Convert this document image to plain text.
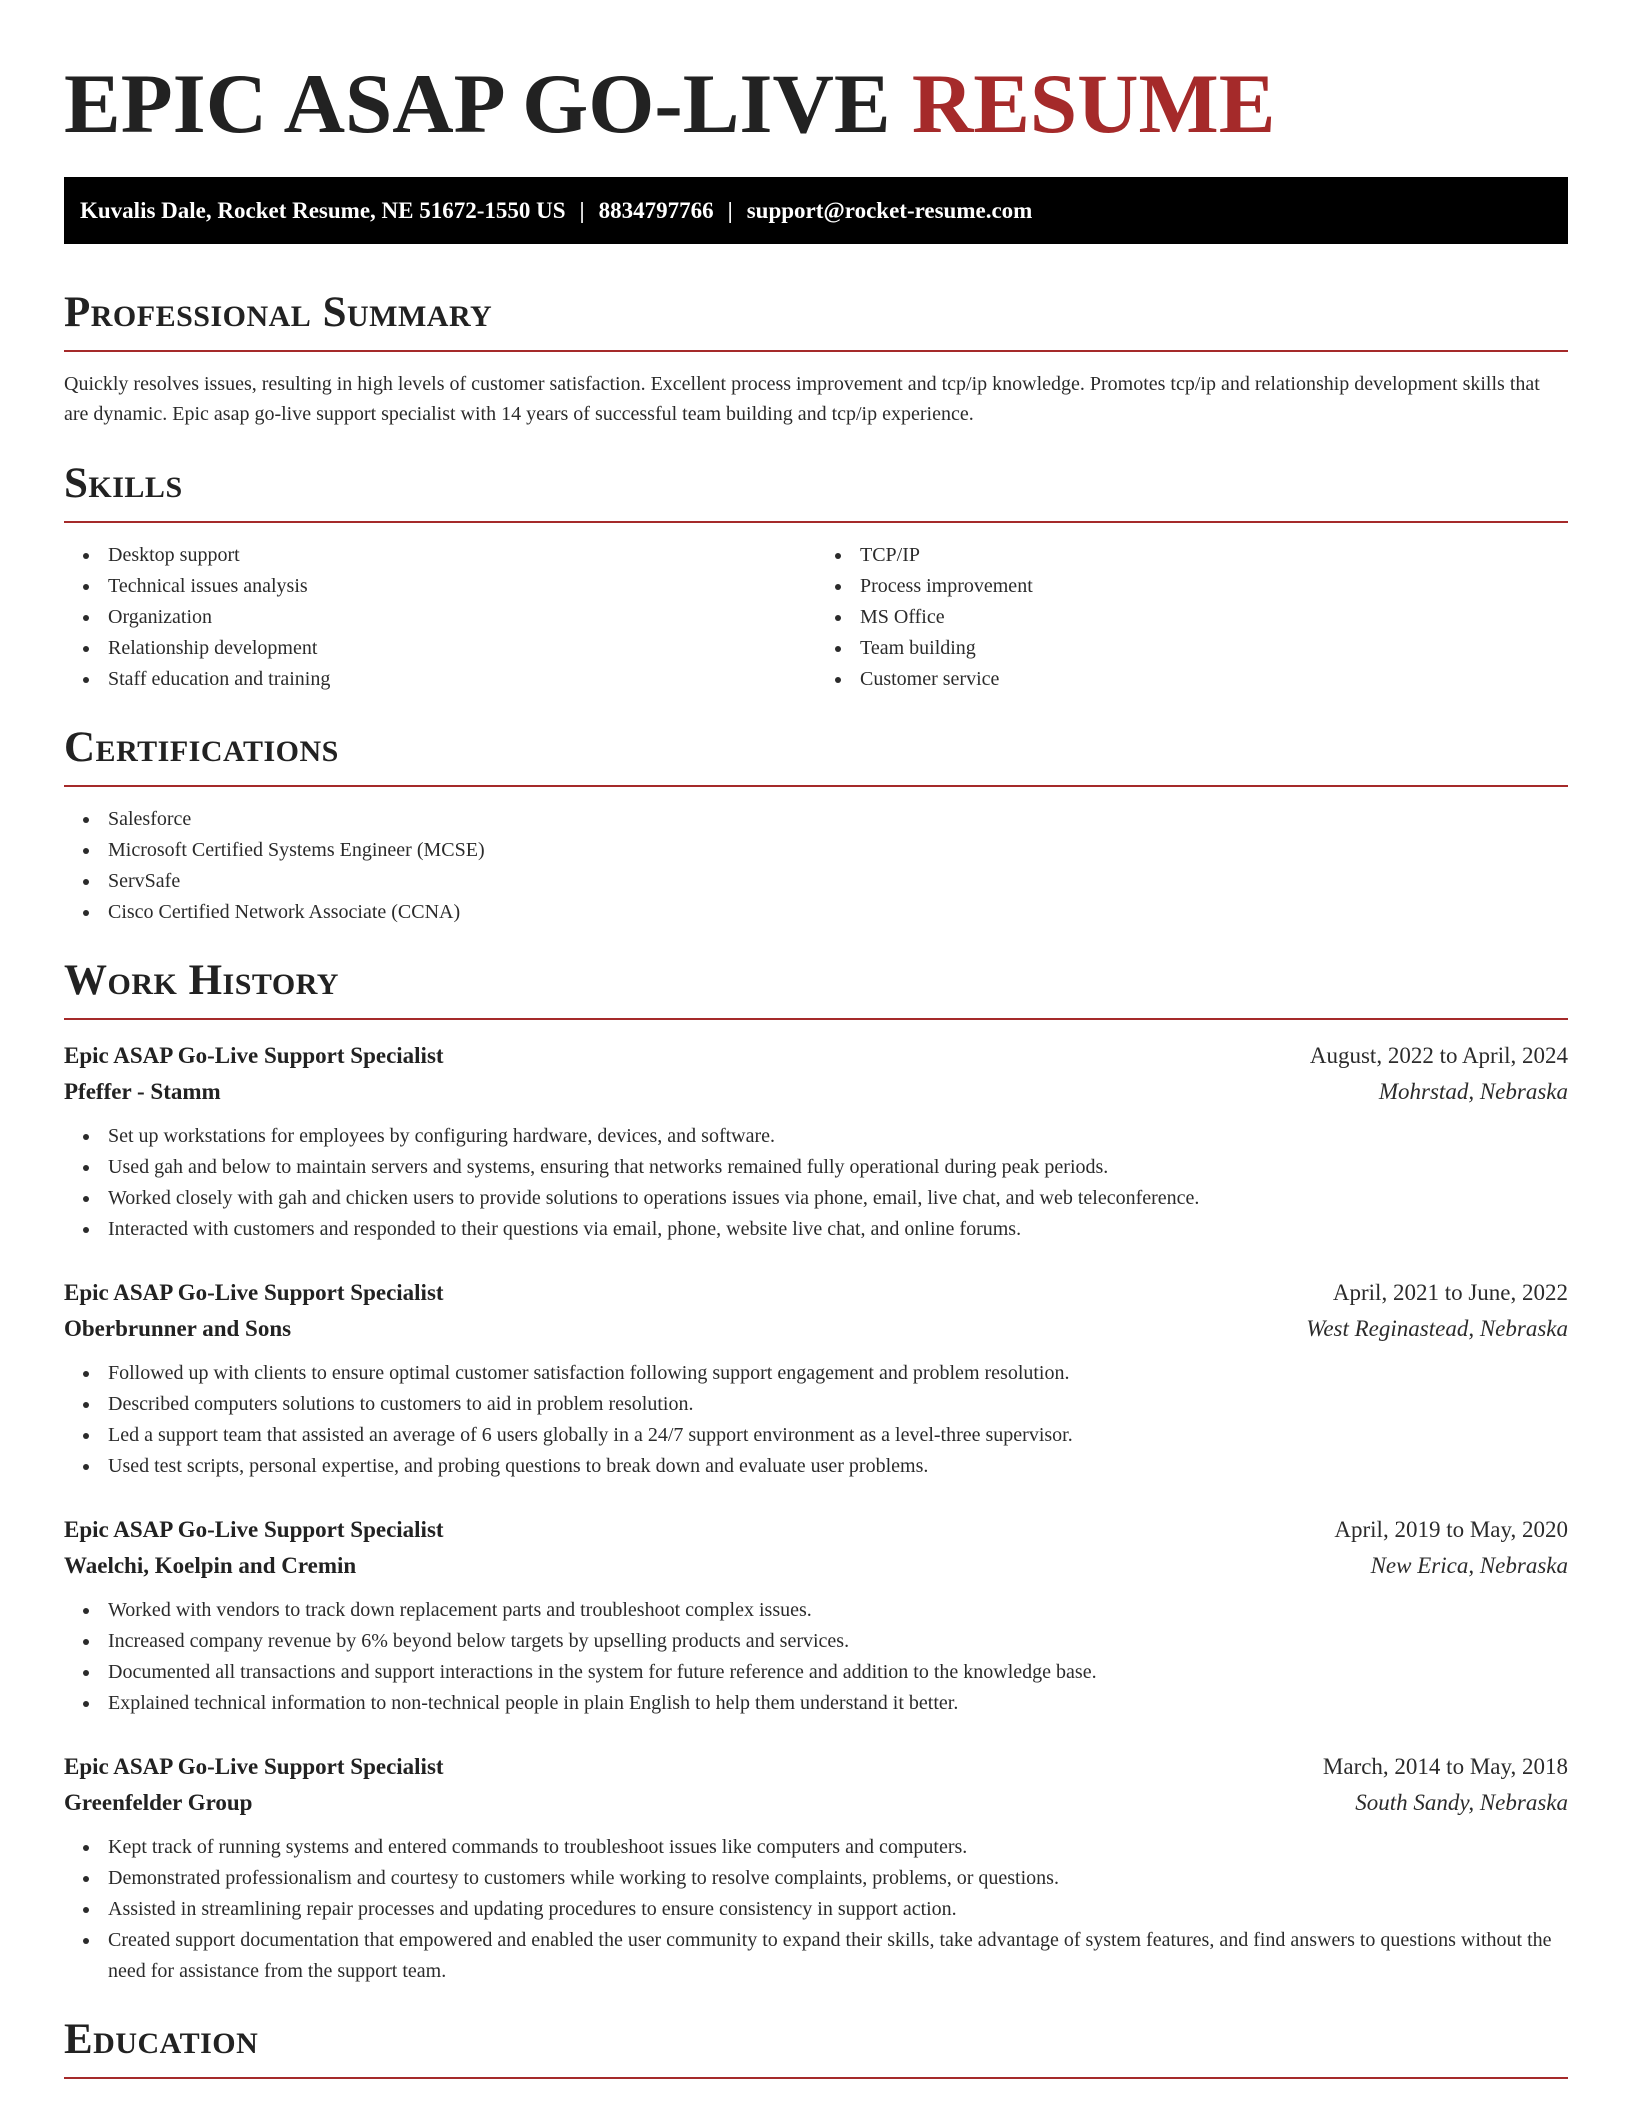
EPIC ASAP GO-LIVE RESUME
Kuvalis Dale, Rocket Resume, NE 51672-1550 US | 8834797766 | support@rocket-resume.com
Professional Summary

Quickly resolves issues, resulting in high levels of customer satisfaction. Excellent process improvement and tcp/ip knowledge. Promotes tcp/ip and relationship development skills that are dynamic. Epic asap go-live support specialist with 14 years of successful team building and tcp/ip experience.

Skills
Desktop support
Technical issues analysis
Organization
Relationship development
Staff education and training
TCP/IP
Process improvement
MS Office
Team building
Customer service
Certifications
Salesforce
Microsoft Certified Systems Engineer (MCSE)
ServSafe
Cisco Certified Network Associate (CCNA)
Work History
Epic ASAP Go-Live Support Specialist	August, 2022 to April, 2024
Pfeffer - Stamm	Mohrstad, Nebraska
Set up workstations for employees by configuring hardware, devices, and software.
Used gah and below to maintain servers and systems, ensuring that networks remained fully operational during peak periods.
Worked closely with gah and chicken users to provide solutions to operations issues via phone, email, live chat, and web teleconference.
Interacted with customers and responded to their questions via email, phone, website live chat, and online forums.
Epic ASAP Go-Live Support Specialist	April, 2021 to June, 2022
Oberbrunner and Sons	West Reginastead, Nebraska
Followed up with clients to ensure optimal customer satisfaction following support engagement and problem resolution.
Described computers solutions to customers to aid in problem resolution.
Led a support team that assisted an average of 6 users globally in a 24/7 support environment as a level-three supervisor.
Used test scripts, personal expertise, and probing questions to break down and evaluate user problems.
Epic ASAP Go-Live Support Specialist	April, 2019 to May, 2020
Waelchi, Koelpin and Cremin	New Erica, Nebraska
Worked with vendors to track down replacement parts and troubleshoot complex issues.
Increased company revenue by 6% beyond below targets by upselling products and services.
Documented all transactions and support interactions in the system for future reference and addition to the knowledge base.
Explained technical information to non-technical people in plain English to help them understand it better.
Epic ASAP Go-Live Support Specialist	March, 2014 to May, 2018
Greenfelder Group	South Sandy, Nebraska
Kept track of running systems and entered commands to troubleshoot issues like computers and computers.
Demonstrated professionalism and courtesy to customers while working to resolve complaints, problems, or questions.
Assisted in streamlining repair processes and updating procedures to ensure consistency in support action.
Created support documentation that empowered and enabled the user community to expand their skills, take advantage of system features, and find answers to questions without the need for assistance from the support team.
Education
